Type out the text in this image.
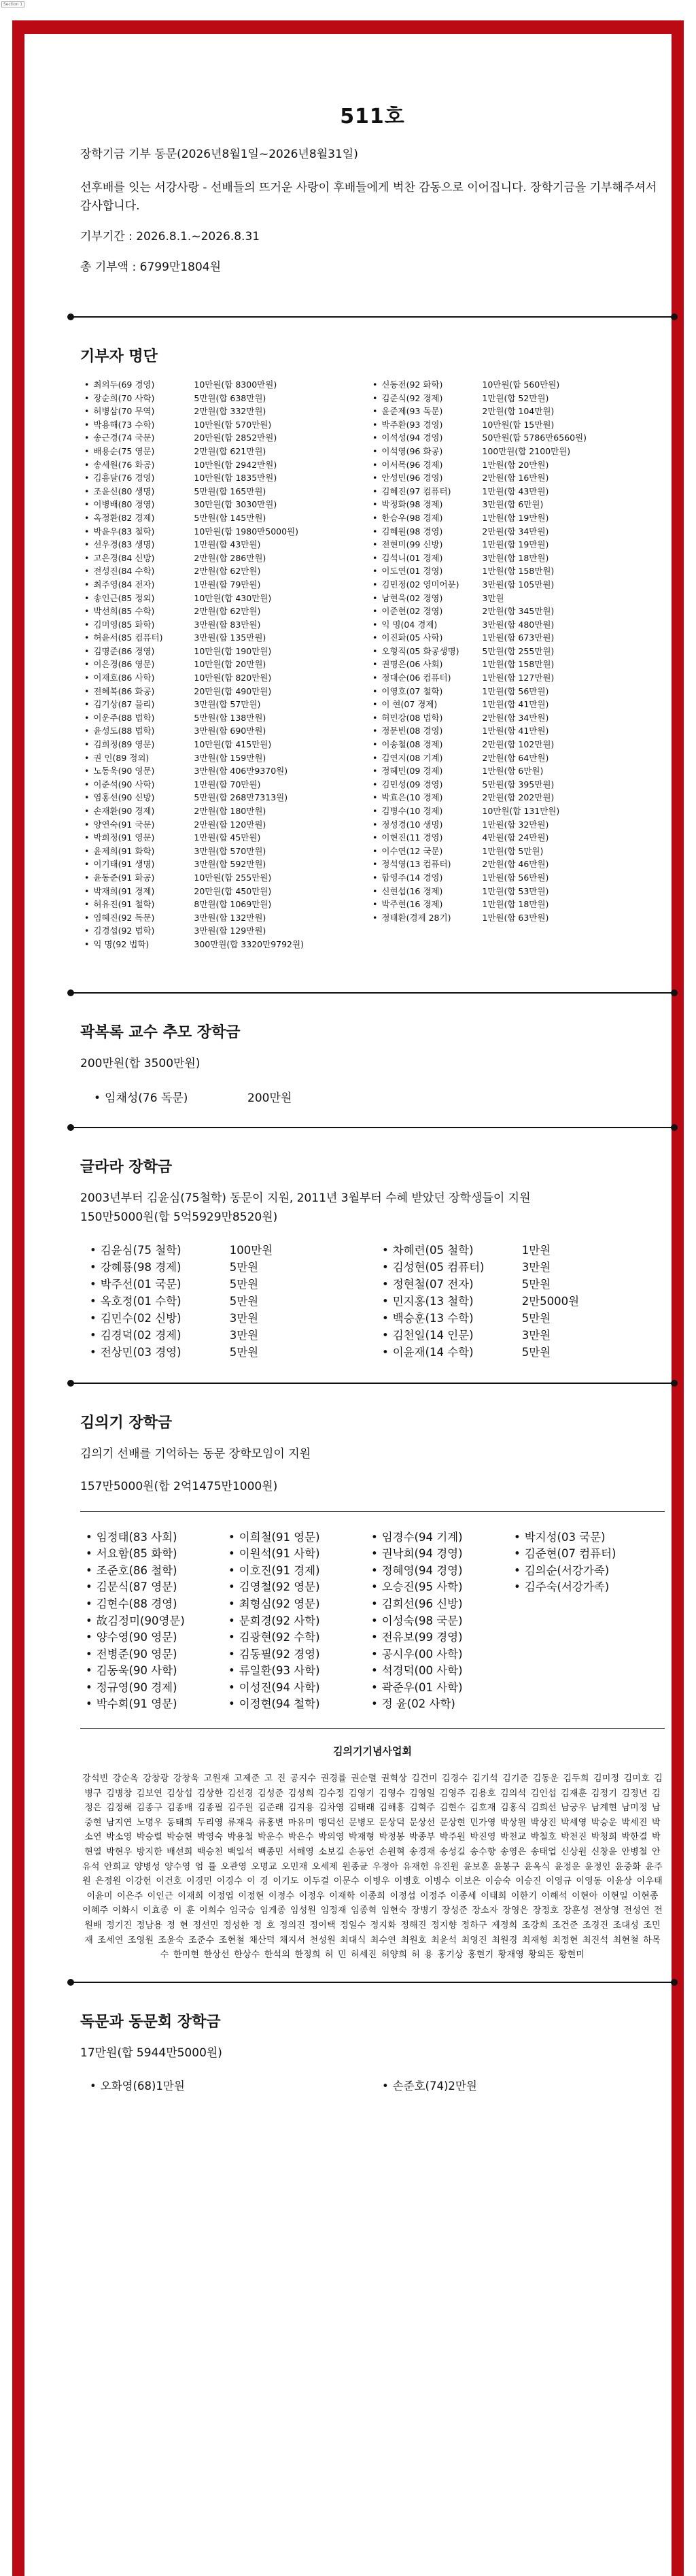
Section 1
511호

장학기금 기부 동문(2026년8월1일~2026년8월31일)

선후배를 잇는 서강사랑 - 선배들의 뜨거운 사랑이 후배들에게 벅찬 감동으로 이어집니다. 장학기금을 기부해주셔서 감사합니다.

기부기간 : 2026.8.1.~2026.8.31

총 기부액 : 6799만1804원

기부자 명단
• 최의두(69 경영)	10만원(합 8300만원)	• 신동전(92 화학)	10만원(합 560만원)
• 장순희(70 사학)	5만원(합 638만원)	• 김준식(92 경제)	1만원(합 52만원)
• 허병삼(70 무역)	2만원(합 332만원)	• 윤준제(93 독문)	2만원(합 104만원)
• 박용해(73 수학)	10만원(합 570만원)	• 박주환(93 경영)	10만원(합 15만원)
• 송근경(74 국문)	20만원(합 2852만원)	• 이석성(94 경영)	50만원(합 5786만6560원)
• 배용순(75 영문)	2만원(합 621만원)	• 이석영(96 화공)	100만원(합 2100만원)
• 송세원(76 화공)	10만원(합 2942만원)	• 이서목(96 경제)	1만원(합 20만원)
• 김흥달(76 경영)	10만원(합 1835만원)	• 안성민(96 경영)	2만원(합 16만원)
• 조윤신(80 생명)	5만원(합 165만원)	• 김혜진(97 컴퓨터)	1만원(합 43만원)
• 이병배(80 경영)	30만원(합 3030만원)	• 박정화(98 경제)	3만원(합 6만원)
• 옥정환(82 경제)	5만원(합 145만원)	• 한승우(98 경제)	1만원(합 19만원)
• 박윤우(83 철학)	10만원(합 1980만5000원)	• 김혜원(98 경영)	2만원(합 34만원)
• 선우경(83 생명)	1만원(합 43만원)	• 전현미(99 신방)	1만원(합 19만원)
• 고은경(84 신방)	2만원(합 286만원)	• 김석니(01 경제)	3만원(합 18만원)
• 전성진(84 수학)	2만원(합 62만원)	• 이도연(01 경영)	1만원(합 158만원)
• 최주영(84 전자)	1만원(합 79만원)	• 김민정(02 영미어문)	3만원(합 105만원)
• 송인근(85 정외)	10만원(합 430만원)	• 남현욱(02 경영)	3만원
• 박선희(85 수학)	2만원(합 62만원)	• 이준현(02 경영)	2만원(합 345만원)
• 김미영(85 화학)	3만원(합 83만원)	• 익 명(04 경제)	3만원(합 480만원)
• 허윤서(85 컴퓨터)	3만원(합 135만원)	• 이진화(05 사학)	1만원(합 673만원)
• 김명준(86 경영)	10만원(합 190만원)	• 오형직(05 화공생명)	5만원(합 255만원)
• 이은경(86 영문)	10만원(합 20만원)	• 권명은(06 사회)	1만원(합 158만원)
• 이재호(86 사학)	10만원(합 820만원)	• 정대순(06 컴퓨터)	1만원(합 127만원)
• 전혜복(86 화공)	20만원(합 490만원)	• 이영호(07 철학)	1만원(합 56만원)
• 김기상(87 물리)	3만원(합 57만원)	• 이 현(07 경제)	1만원(합 41만원)
• 이운주(88 법학)	5만원(합 138만원)	• 허민강(08 법학)	2만원(합 34만원)
• 윤성도(88 법학)	3만원(합 690만원)	• 정문빈(08 경영)	1만원(합 41만원)
• 김희정(89 영문)	10만원(합 415만원)	• 이송철(08 경제)	2만원(합 102만원)
• 권 인(89 정외)	3만원(합 159만원)	• 김연지(08 기계)	2만원(합 64만원)
• 노동욱(90 영문)	3만원(합 406만9370원)	• 정혜민(09 경제)	1만원(합 6만원)
• 이준석(90 사학)	1만원(합 70만원)	• 김민성(09 경영)	5만원(합 395만원)
• 염홍선(90 신방)	5만원(합 268만7313원)	• 박효은(10 경제)	2만원(합 202만원)
• 손재환(90 경제)	2만원(합 180만원)	• 김병수(10 경제)	10만원(합 131만원)
• 양연숙(91 국문)	2만원(합 120만원)	• 정성경(10 생명)	1만원(합 32만원)
• 박희정(91 영문)	1만원(합 45만원)	• 이현진(11 경영)	4만원(합 24만원)
• 윤제희(91 화학)	3만원(합 570만원)	• 이수연(12 국문)	1만원(합 5만원)
• 이기태(91 생명)	3만원(합 592만원)	• 정석영(13 컴퓨터)	2만원(합 46만원)
• 윤동준(91 화공)	10만원(합 255만원)	• 함영주(14 경영)	1만원(합 56만원)
• 박재희(91 경제)	20만원(합 450만원)	• 신현섭(16 경제)	1만원(합 53만원)
• 허유진(91 철학)	8만원(합 1069만원)	• 박주현(16 경제)	1만원(합 18만원)
• 염혜진(92 독문)	3만원(합 132만원)	• 정태환(경제 28기)	1만원(합 63만원)
• 김경섭(92 법학)	3만원(합 129만원)
• 익 명(92 법학)	300만원(합 3320만9792원)
곽복록 교수 추모 장학금

200만원(합 3500만원)

• 임채성(76 독문)	200만원
글라라 장학금

2003년부터 김윤심(75철학) 동문이 지원, 2011년 3월부터 수혜 받았던 장학생들이 지원

150만5000원(합 5억5929만8520원)

• 김윤심(75 철학)	100만원	• 차혜련(05 철학)	1만원
• 강혜룡(98 경제)	5만원	• 김성현(05 컴퓨터)	3만원
• 박주선(01 국문)	5만원	• 정현철(07 전자)	5만원
• 옥호정(01 수학)	5만원	• 민지홍(13 철학)	2만5000원
• 김민수(02 신방)	3만원	• 백승훈(13 수학)	5만원
• 김경덕(02 경제)	3만원	• 김천일(14 인문)	3만원
• 전상민(03 경영)	5만원	• 이윤재(14 수학)	5만원
김의기 장학금

김의기 선배를 기억하는 동문 장학모임이 지원

157만5000원(합 2억1475만1000원)

• 임정태(83 사회)	• 이희철(91 영문)	• 임경수(94 기계)	• 박지성(03 국문)
• 서요함(85 화학)	• 이원석(91 사학)	• 권낙희(94 경영)	• 김준현(07 컴퓨터)
• 조준호(86 철학)	• 이호진(91 경제)	• 정혜영(94 경영)	• 김의순(서강가족)
• 김문식(87 영문)	• 김영철(92 영문)	• 오승진(95 사학)	• 김주숙(서강가족)
• 김현수(88 경영)	• 최형심(92 영문)	• 김희선(96 신방)
• 故김정미(90영문)	• 문희경(92 사학)	• 이성숙(98 국문)
• 양수영(90 영문)	• 김광현(92 수학)	• 전유보(99 경영)
• 전병준(90 영문)	• 김동필(92 경영)	• 공시우(00 사학)
• 김동욱(90 사학)	• 류일환(93 사학)	• 석경덕(00 사학)
• 정규영(90 경제)	• 이성진(94 사학)	• 곽준우(01 사학)
• 박수희(91 영문)	• 이정현(94 철학)	• 정 윤(02 사학)
김의기기념사업회

강석빈 강순옥 강창광 강창욱 고원재 고제준 고 진 공지수 권경률 권순렬 권혁상 김건미 김경수 김기석 김기준 김동운 김두희 김미정 김미호 김병구 김병창 김보연 김상섭 김상한 김선경 김성준 김성희 김수정 김영기 김영수 김영일 김영주 김용호 김의석 김인섭 김재훈 김정기 김정년 김정은 김정해 김종구 김종배 김종필 김주원 김준래 김지용 김차영 김태래 김해흥 김혁주 김현수 김호재 김홍식 김희선 남궁우 남계현 남미정 남중현 남지연 노명우 동태희 두리영 류재욱 류홍변 마유미 맹덕선 문병모 문상덕 문상선 문상현 민가영 박상원 박상진 박세영 박승운 박세진 박소연 박소영 박승렬 박승현 박영숙 박용철 박운수 박은수 박의영 박재형 박정봉 박종부 박주원 박진영 박천교 박철호 박천진 박청희 박한결 박현열 박현우 방지한 배선희 백승천 백일석 백종민 서해영 소보길 손동언 손원혁 송경재 송성길 송수향 송영은 송태업 신상원 신창윤 안병철 안유석 안희교 양병성 양수영 엄 률 오관영 오명교 오민재 오세제 원종균 우정아 유재헌 유진원 윤보훈 윤봉구 윤옥식 윤정운 윤정인 윤중화 윤주원 은정원 이강헌 이건호 이경민 이경수 이 경 이기도 이두걸 이문수 이병우 이병호 이병수 이보은 이승숙 이승진 이영규 이영동 이윤상 이우태 이윤미 이은주 이인근 이재희 이정엽 이정현 이정수 이정우 이재학 이종희 이정섭 이정주 이종세 이태희 이한기 이해석 이현아 이현일 이현종 이혜주 이화시 이효종 이 훈 이희수 임국승 임게종 임성원 임정재 임종혁 임현숙 장병기 장성준 장소자 장영은 장정호 장훈성 전상영 전성연 전원배 정기진 정남용 정 현 정선민 정성한 정 호 정의진 정이택 정일수 정지화 정해진 정지향 정하구 제정희 조강희 조건준 조경진 조대성 조민재 조세연 조영원 조윤숙 조준수 조현철 채산덕 채지서 천성원 최대식 최수연 최원호 최윤석 최영진 최원경 최재형 최정현 최진석 최현철 하목수 한미현 한상선 한상수 한석의 한정희 허 민 허세진 허양희 허 용 홍기상 홍현기 황재영 황의돈 황현미

독문과 동문회 장학금

17만원(합 5944만5000원)

• 오화영(68)1만원	• 손준호(74)2만원
